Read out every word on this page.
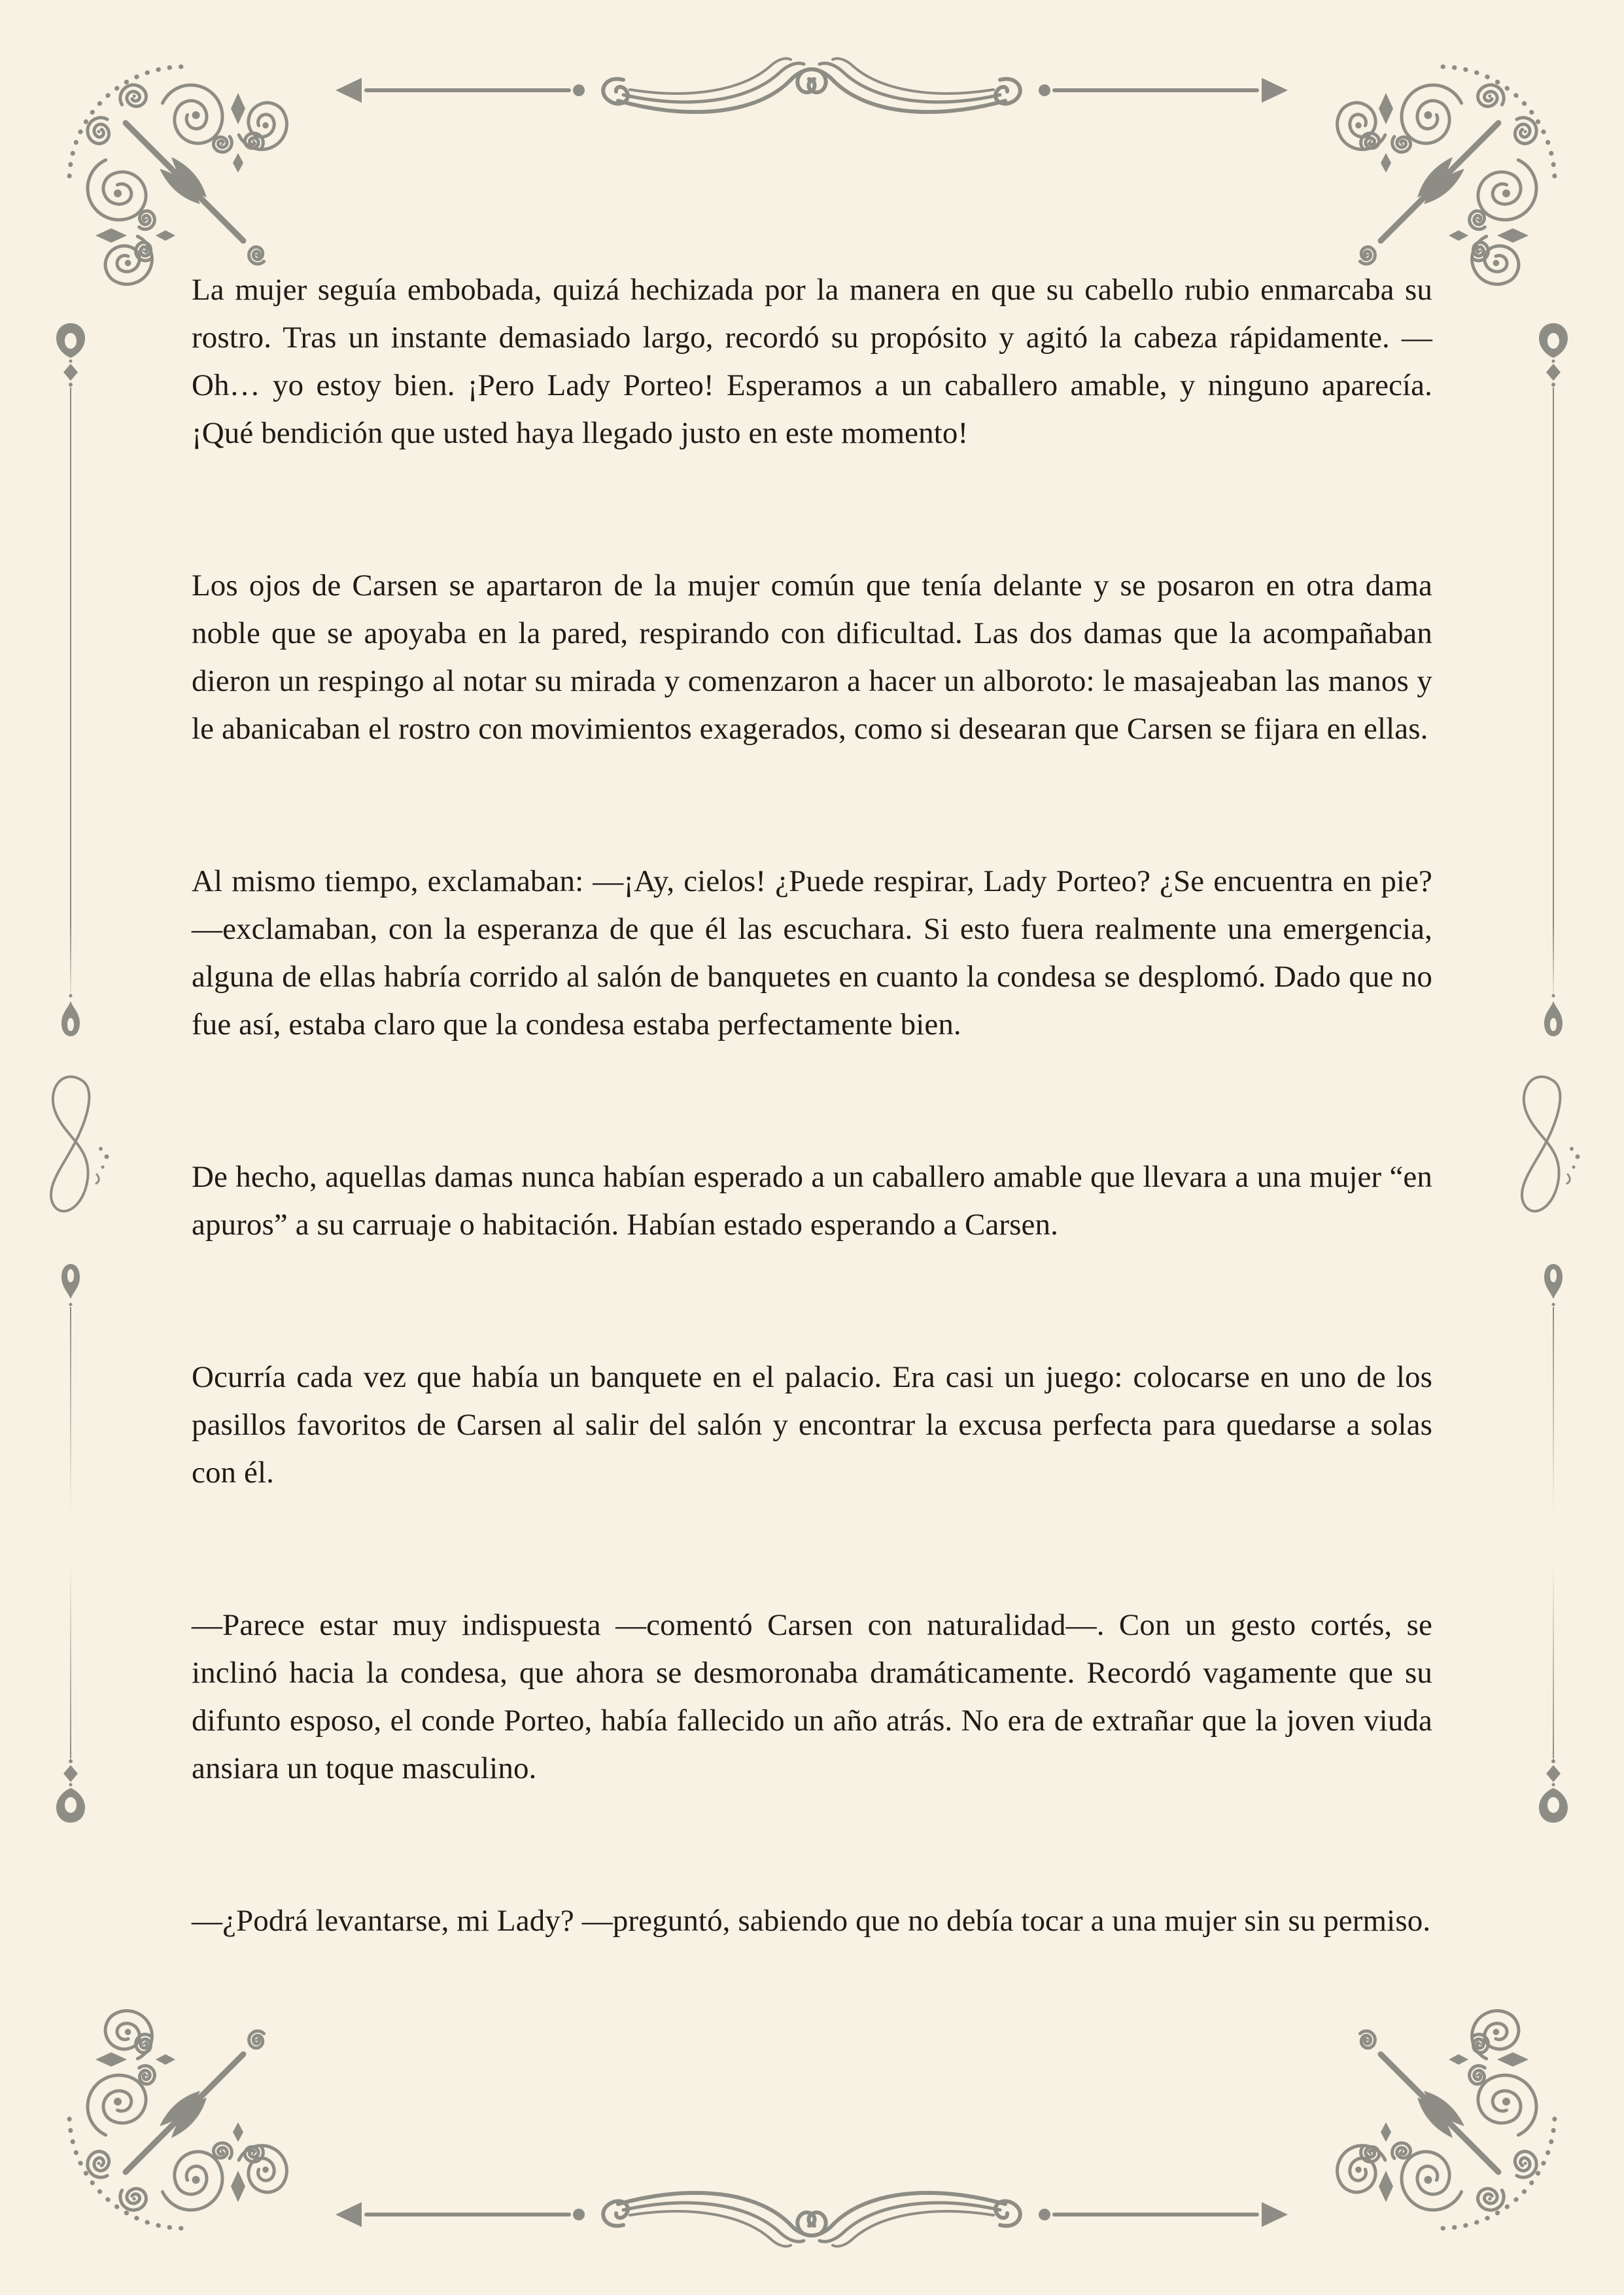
La mujer seguía embobada, quizá hechizada por la manera en que su cabello rubio enmarcaba su rostro. Tras un instante demasiado largo, recordó su propósito y agitó la cabeza rápidamente. —Oh… yo estoy bien. ¡Pero Lady Porteo! Esperamos a un caballero amable, y ninguno aparecía. ¡Qué bendición que usted haya llegado justo en este momento!

Los ojos de Carsen se apartaron de la mujer común que tenía delante y se posaron en otra dama noble que se apoyaba en la pared, respirando con dificultad. Las dos damas que la acompañaban dieron un respingo al notar su mirada y comenzaron a hacer un alboroto: le masajeaban las manos y le abanicaban el rostro con movimientos exagerados, como si desearan que Carsen se fijara en ellas.

Al mismo tiempo, exclamaban: —¡Ay, cielos! ¿Puede respirar, Lady Porteo? ¿Se encuentra en pie? —exclamaban, con la esperanza de que él las escuchara. Si esto fuera realmente una emergencia, alguna de ellas habría corrido al salón de banquetes en cuanto la condesa se desplomó. Dado que no fue así, estaba claro que la condesa estaba perfectamente bien.

De hecho, aquellas damas nunca habían esperado a un caballero amable que llevara a una mujer “en apuros” a su carruaje o habitación. Habían estado esperando a Carsen.

Ocurría cada vez que había un banquete en el palacio. Era casi un juego: colocarse en uno de los pasillos favoritos de Carsen al salir del salón y encontrar la excusa perfecta para quedarse a solas con él.

—Parece estar muy indispuesta —comentó Carsen con naturalidad—. Con un gesto cortés, se inclinó hacia la condesa, que ahora se desmoronaba dramáticamente. Recordó vagamente que su difunto esposo, el conde Porteo, había fallecido un año atrás. No era de extrañar que la joven viuda ansiara un toque masculino.

—¿Podrá levantarse, mi Lady? —preguntó, sabiendo que no debía tocar a una mujer sin su permiso.
